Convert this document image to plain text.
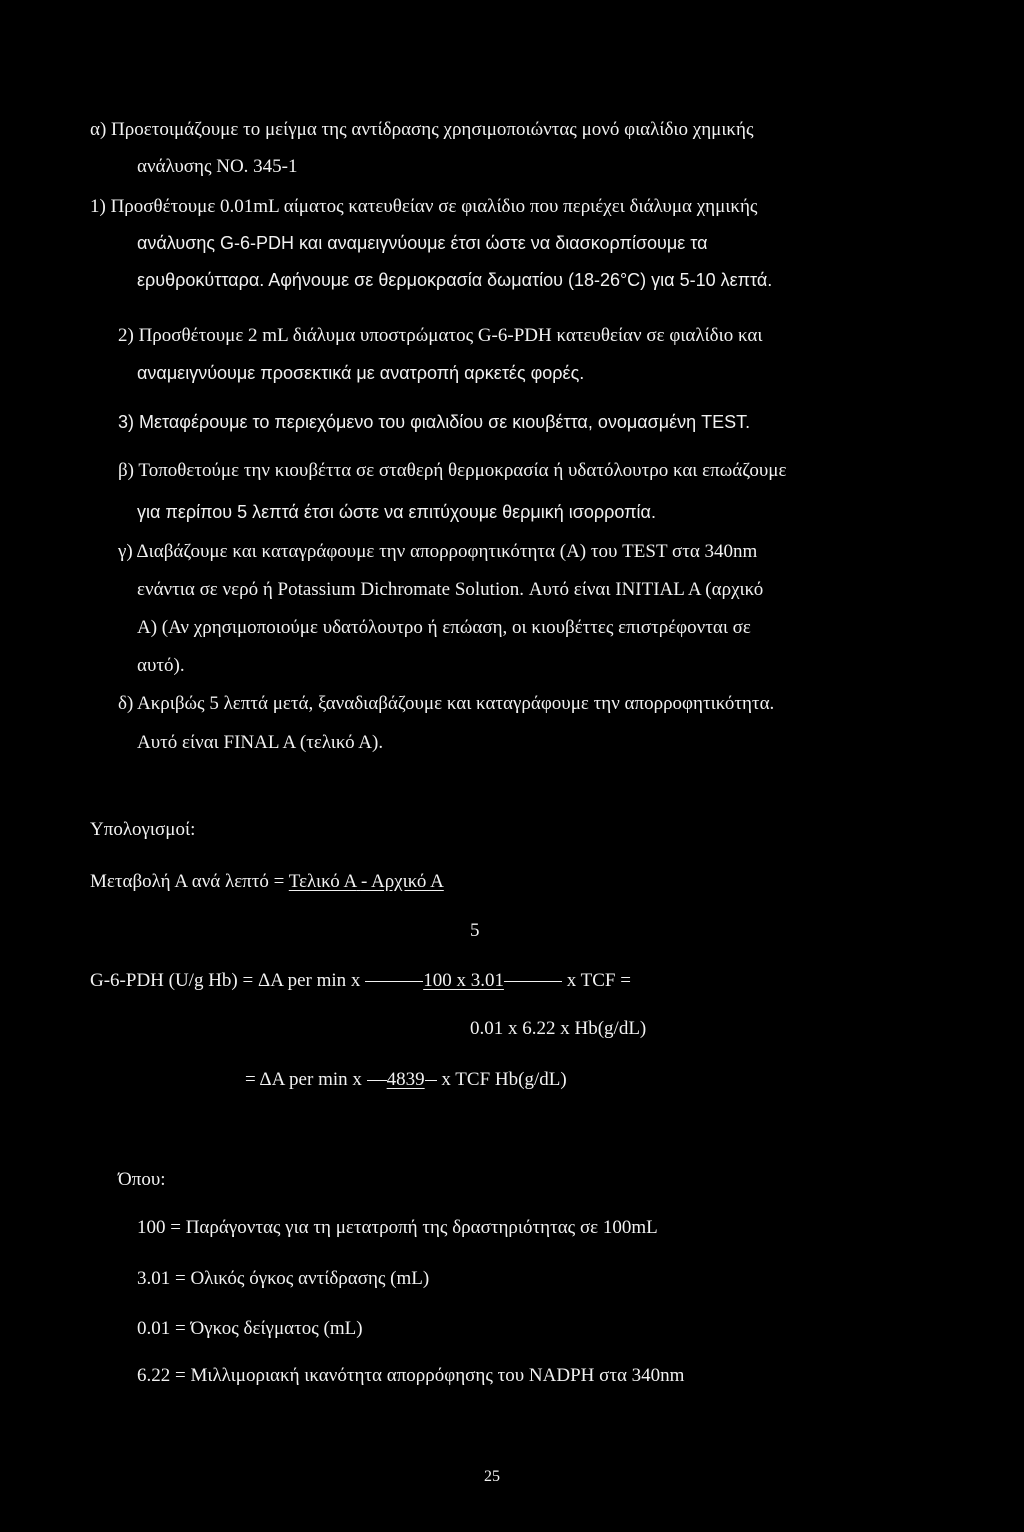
α) Προετοιμάζουμε το μείγμα της αντίδρασης χρησιμοποιώντας μονό φιαλίδιο χημικής
ανάλυσης ΝΟ. 345-1
1) Προσθέτουμε 0.01mL αίματος κατευθείαν σε φιαλίδιο που περιέχει διάλυμα χημικής
ανάλυσης G-6-PDH και αναμειγνύουμε έτσι ώστε να διασκορπίσουμε τα
ερυθροκύτταρα. Αφήνουμε σε θερμοκρασία δωματίου (18-26°C) για 5-10 λεπτά.
2) Προσθέτουμε 2 mL διάλυμα υποστρώματος G-6-PDH κατευθείαν σε φιαλίδιο και
αναμειγνύουμε προσεκτικά με ανατροπή αρκετές φορές.
3) Μεταφέρουμε το περιεχόμενο του φιαλιδίου σε κιουβέττα, ονομασμένη TEST.
β) Τοποθετούμε την κιουβέττα σε σταθερή θερμοκρασία ή υδατόλουτρο και επωάζουμε
για περίπου 5 λεπτά έτσι ώστε να επιτύχουμε θερμική ισορροπία.
γ) Διαβάζουμε και καταγράφουμε την απορροφητικότητα (Α) του TEST στα 340nm
ενάντια σε νερό ή Potassium Dichromate Solution. Αυτό είναι INITIAL A (αρχικό
A) (Αν χρησιμοποιούμε υδατόλουτρο ή επώαση, οι κιουβέττες επιστρέφονται σε
αυτό).
δ) Ακριβώς 5 λεπτά μετά, ξαναδιαβάζουμε και καταγράφουμε την απορροφητικότητα.
Αυτό είναι FINAL A (τελικό Α).
Υπολογισμοί:
Μεταβολή Α ανά λεπτό = Τελικό Α - Αρχικό Α
5
G-6-PDH (U/g Hb) = ΔΑ per min x	100 x 3.01	x TCF =
0.01 x 6.22 x Hb(g/dL)
= ΔΑ per min x 4839 x TCF Hb(g/dL)
Όπου:
100 = Παράγοντας για τη μετατροπή της δραστηριότητας σε 100mL
3.01 = Ολικός όγκος αντίδρασης (mL)
0.01 = Όγκος δείγματος (mL)
6.22 = Μιλλιμοριακή ικανότητα απορρόφησης του NADPH στα 340nm
25
